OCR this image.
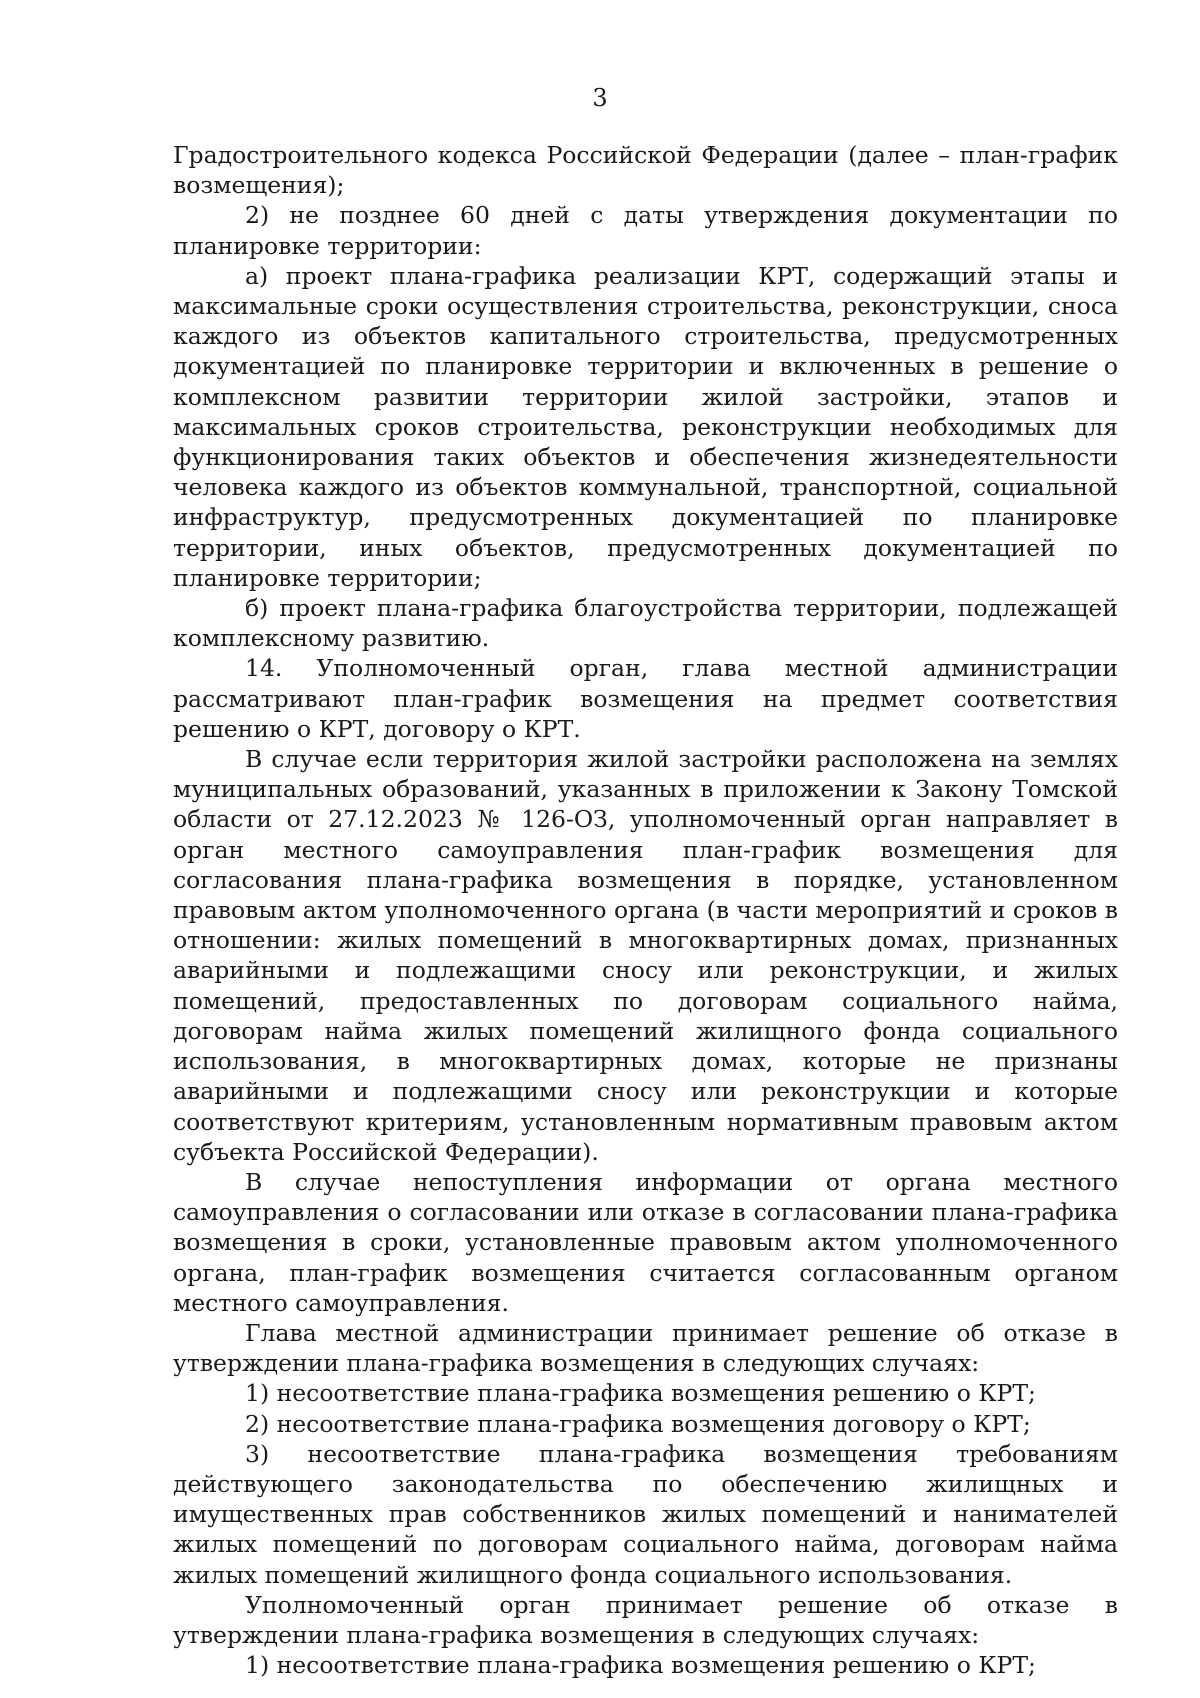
3

Градостроительного кодекса Российской Федерации (далее – план-график возмещения);

2) не позднее 60 дней с даты утверждения документации по планировке территории:

а) проект плана-графика реализации КРТ, содержащий этапы и максимальные сроки осуществления строительства, реконструкции, сноса каждого из объектов капитального строительства, предусмотренных документацией по планировке территории и включенных в решение о комплексном развитии территории жилой застройки, этапов и максимальных сроков строительства, реконструкции необходимых для функционирования таких объектов и обеспечения жизнедеятельности человека каждого из объектов коммунальной, транспортной, социальной инфраструктур, предусмотренных документацией по планировке территории, иных объектов, предусмотренных документацией по планировке территории;

б) проект плана-графика благоустройства территории, подлежащей комплексному развитию.

14. Уполномоченный орган, глава местной администрации рассматривают план-график возмещения на предмет соответствия решению о КРТ, договору о КРТ.

В случае если территория жилой застройки расположена на землях муниципальных образований, указанных в приложении к Закону Томской области от 27.12.2023 № 126-ОЗ, уполномоченный орган направляет в орган местного самоуправления план-график возмещения для согласования плана-графика возмещения в порядке, установленном правовым актом уполномоченного органа (в части мероприятий и сроков в отношении: жилых помещений в многоквартирных домах, признанных аварийными и подлежащими сносу или реконструкции, и жилых помещений, предоставленных по договорам социального найма, договорам найма жилых помещений жилищного фонда социального использования, в многоквартирных домах, которые не признаны аварийными и подлежащими сносу или реконструкции и которые соответствуют критериям, установленным нормативным правовым актом субъекта Российской Федерации).

В случае непоступления информации от органа местного самоуправления о согласовании или отказе в согласовании плана-графика возмещения в сроки, установленные правовым актом уполномоченного органа, план-график возмещения считается согласованным органом местного самоуправления.

Глава местной администрации принимает решение об отказе в утверждении плана-графика возмещения в следующих случаях:

1) несоответствие плана-графика возмещения решению о КРТ;

2) несоответствие плана-графика возмещения договору о КРТ;

3) несоответствие плана-графика возмещения требованиям действующего законодательства по обеспечению жилищных и имущественных прав собственников жилых помещений и нанимателей жилых помещений по договорам социального найма, договорам найма жилых помещений жилищного фонда социального использования.

Уполномоченный орган принимает решение об отказе в утверждении плана-графика возмещения в следующих случаях:

1) несоответствие плана-графика возмещения решению о КРТ;
